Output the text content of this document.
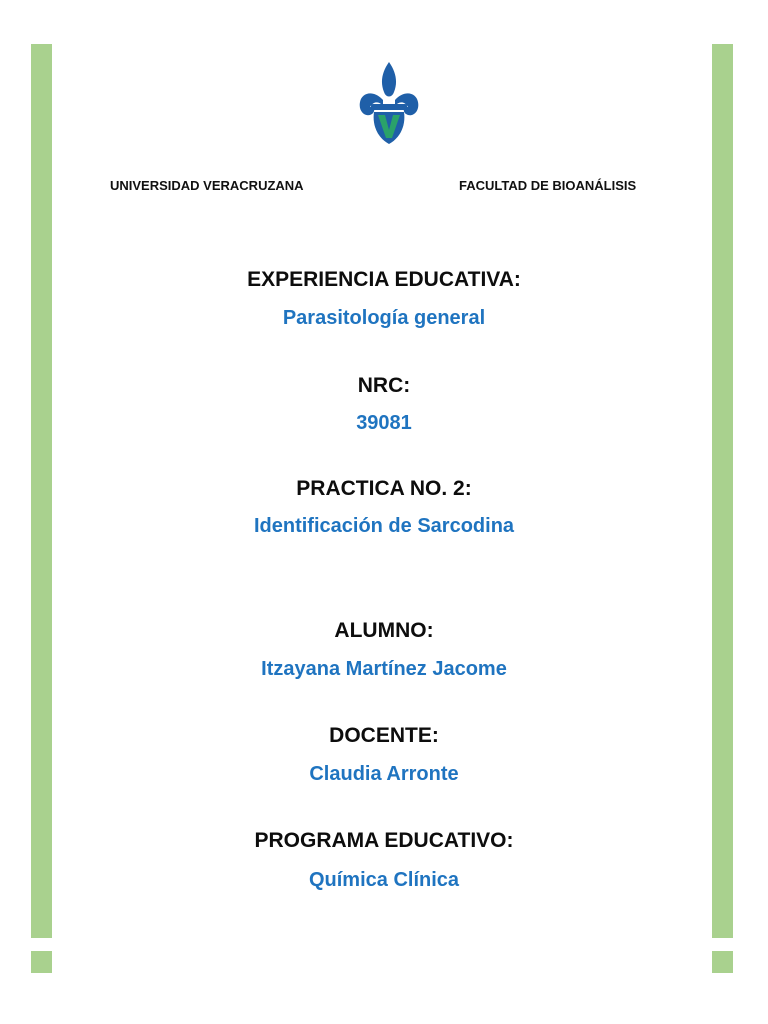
UNIVERSIDAD VERACRUZANA	FACULTAD DE BIOANÁLISIS
EXPERIENCIA EDUCATIVA:
Parasitología general
NRC:
39081
PRACTICA NO. 2:
Identificación de Sarcodina
ALUMNO:
Itzayana Martínez Jacome
DOCENTE:
Claudia Arronte
PROGRAMA EDUCATIVO:
Química Clínica
